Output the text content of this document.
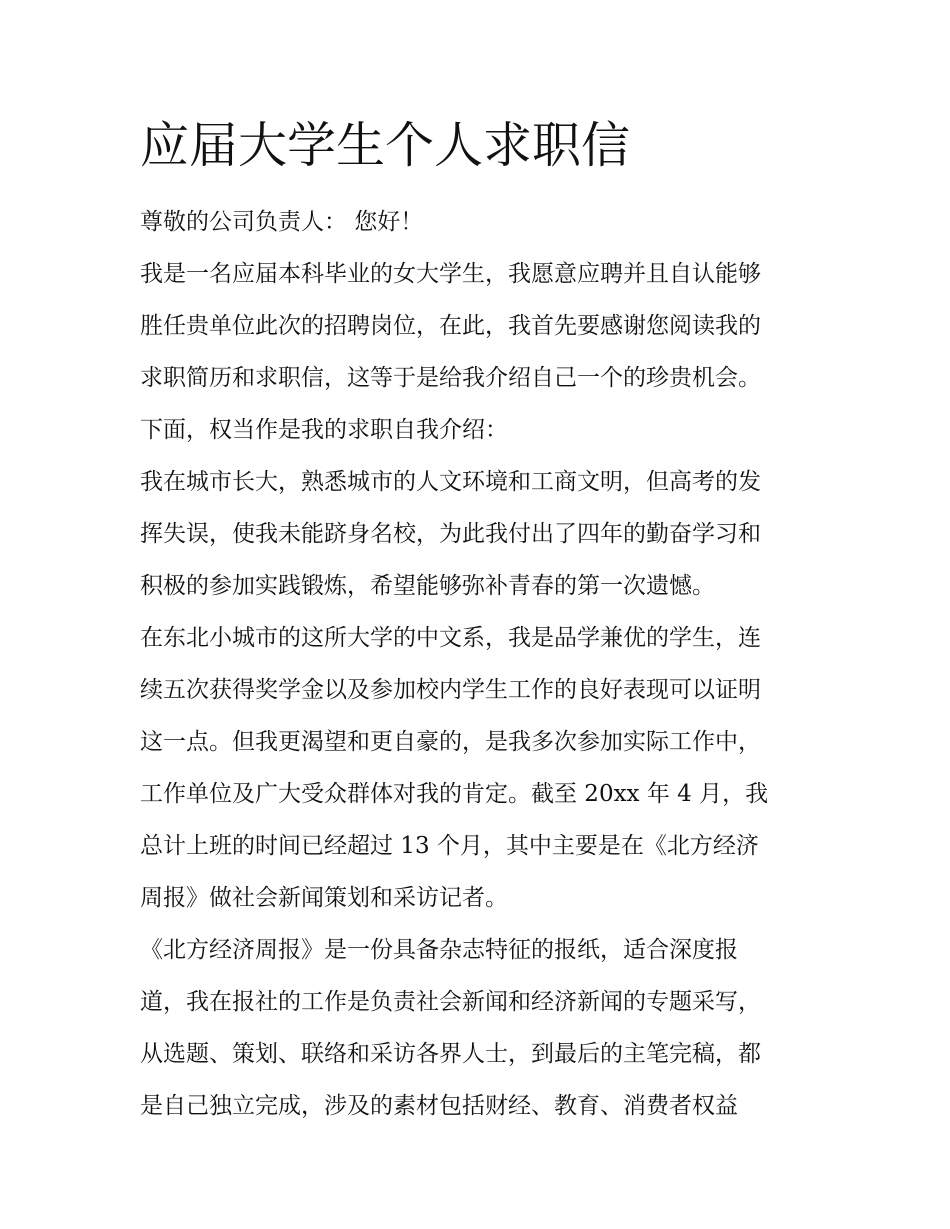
应届大学生个人求职信

尊敬的公司负责人： 您好！

我是一名应届本科毕业的女大学生，我愿意应聘并且自认能够

胜任贵单位此次的招聘岗位，在此，我首先要感谢您阅读我的

求职简历和求职信，这等于是给我介绍自己一个的珍贵机会。

下面，权当作是我的求职自我介绍：

我在城市长大，熟悉城市的人文环境和工商文明，但高考的发

挥失误，使我未能跻身名校，为此我付出了四年的勤奋学习和

积极的参加实践锻炼，希望能够弥补青春的第一次遗憾。

在东北小城市的这所大学的中文系，我是品学兼优的学生，连

续五次获得奖学金以及参加校内学生工作的良好表现可以证明

这一点。但我更渴望和更自豪的，是我多次参加实际工作中，

工作单位及广大受众群体对我的肯定。截至 20xx 年 4 月，我

总计上班的时间已经超过 13 个月，其中主要是在《北方经济

周报》做社会新闻策划和采访记者。

《北方经济周报》是一份具备杂志特征的报纸，适合深度报

道，我在报社的工作是负责社会新闻和经济新闻的专题采写，

从选题、策划、联络和采访各界人士，到最后的主笔完稿，都

是自己独立完成，涉及的素材包括财经、教育、消费者权益
